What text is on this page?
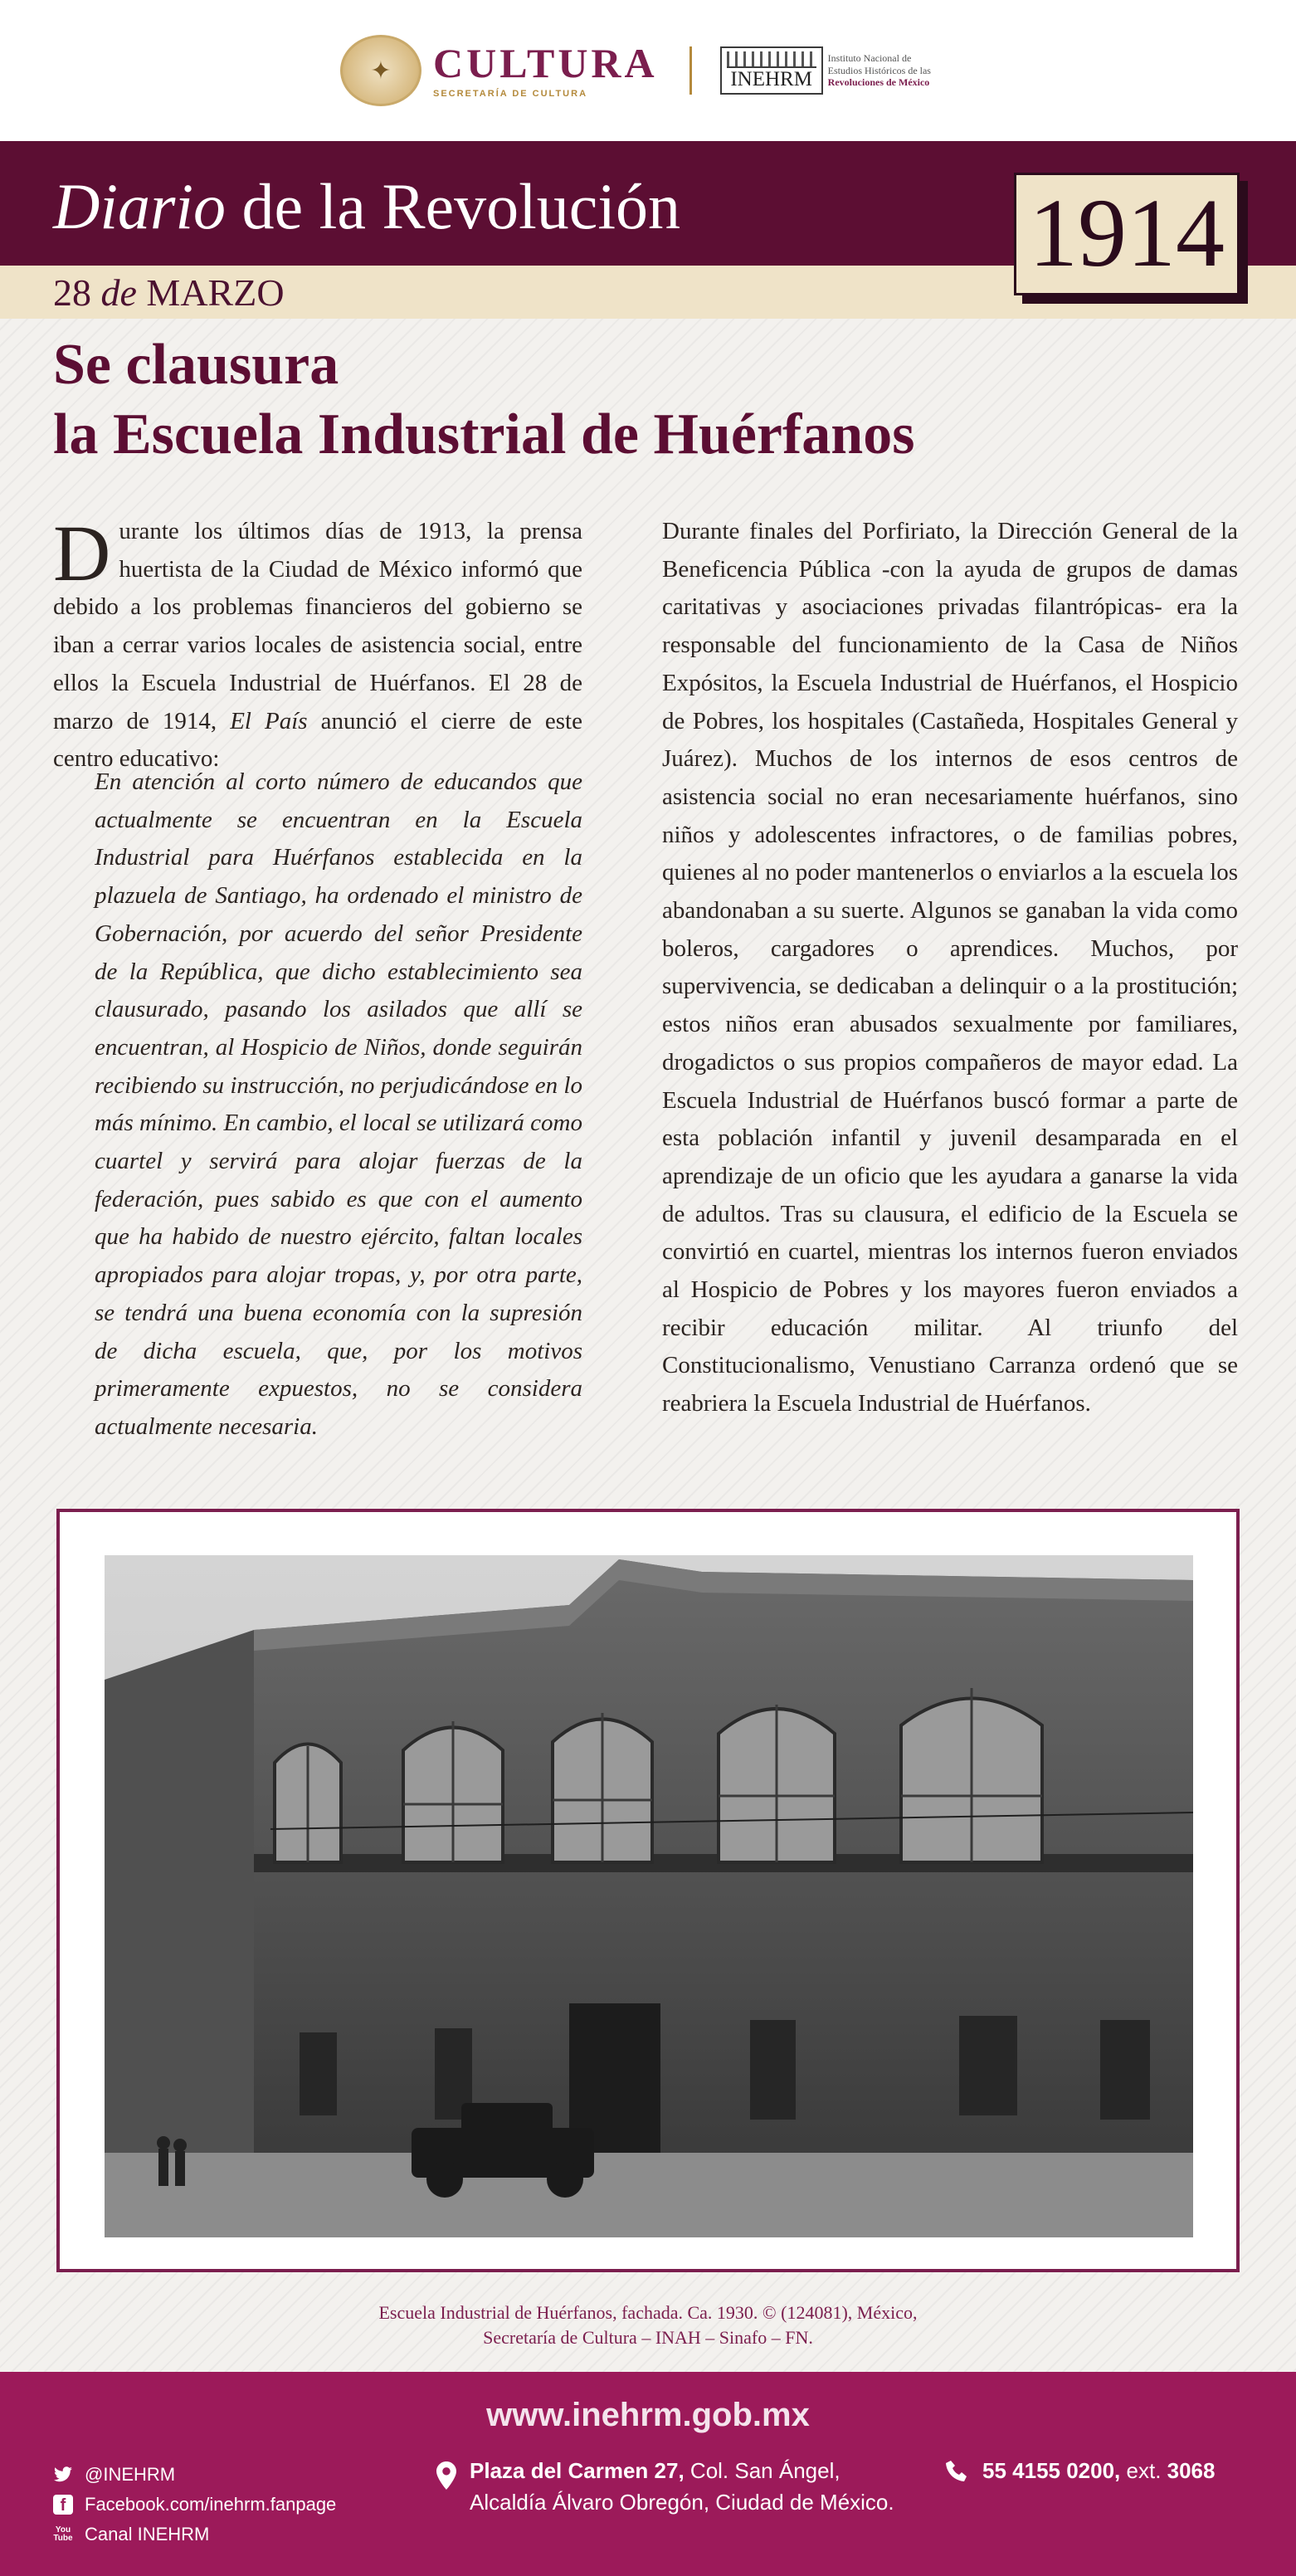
✦	CULTURA
SECRETARÍA DE CULTURA
INEHRM
Instituto Nacional de
Estudios Históricos de las
Revoluciones de México
Diario de la Revolución
28 de MARZO
1914
Se clausura
la Escuela Industrial de Huérfanos
Durante los últimos días de 1913, la prensa huertista de la Ciudad de México informó que debido a los problemas financieros del gobierno se iban a cerrar varios locales de asistencia social, entre ellos la Escuela Industrial de Huérfanos. El 28 de marzo de 1914, El País anunció el cierre de este centro educativo:
En atención al corto número de educandos que actualmente se encuentran en la Escuela Industrial para Huérfanos establecida en la plazuela de Santiago, ha ordenado el ministro de Gobernación, por acuerdo del señor Presidente de la República, que dicho establecimiento sea clausurado, pasando los asilados que allí se encuentran, al Hospicio de Niños, donde seguirán recibiendo su instrucción, no perjudicándose en lo más mínimo. En cambio, el local se utilizará como cuartel y servirá para alojar fuerzas de la federación, pues sabido es que con el aumento que ha habido de nuestro ejército, faltan locales apropiados para alojar tropas, y, por otra parte, se tendrá una buena economía con la supresión de dicha escuela, que, por los motivos primeramente expuestos, no se considera actualmente necesaria.
Durante finales del Porfiriato, la Dirección General de la Beneficencia Pública -con la ayuda de grupos de damas caritativas y asociaciones privadas filantrópicas- era la responsable del funcionamiento de la Casa de Niños Expósitos, la Escuela Industrial de Huérfanos, el Hospicio de Pobres, los hospitales (Castañeda, Hospitales General y Juárez). Muchos de los internos de esos centros de asistencia social no eran necesariamente huérfanos, sino niños y adolescentes infractores, o de familias pobres, quienes al no poder mantenerlos o enviarlos a la escuela los abandonaban a su suerte. Algunos se ganaban la vida como boleros, cargadores o aprendices. Muchos, por supervivencia, se dedicaban a delinquir o a la prostitución; estos niños eran abusados sexualmente por familiares, drogadictos o sus propios compañeros de mayor edad. La Escuela Industrial de Huérfanos buscó formar a parte de esta población infantil y juvenil desamparada en el aprendizaje de un oficio que les ayudara a ganarse la vida de adultos. Tras su clausura, el edificio de la Escuela se convirtió en cuartel, mientras los internos fueron enviados al Hospicio de Pobres y los mayores fueron enviados a recibir educación militar. Al triunfo del Constitucionalismo, Venustiano Carranza ordenó que se reabriera la Escuela Industrial de Huérfanos.
Escuela Industrial de Huérfanos, fachada. Ca. 1930. © (124081), México,
Secretaría de Cultura – INAH – Sinafo – FN.
www.inehrm.gob.mx
@INEHRM
f	Facebook.com/inehrm.fanpage
You
Tube Canal INEHRM
Plaza del Carmen 27, Col. San Ángel,
Alcaldía Álvaro Obregón, Ciudad de México.
55 4155 0200, ext. 3068
